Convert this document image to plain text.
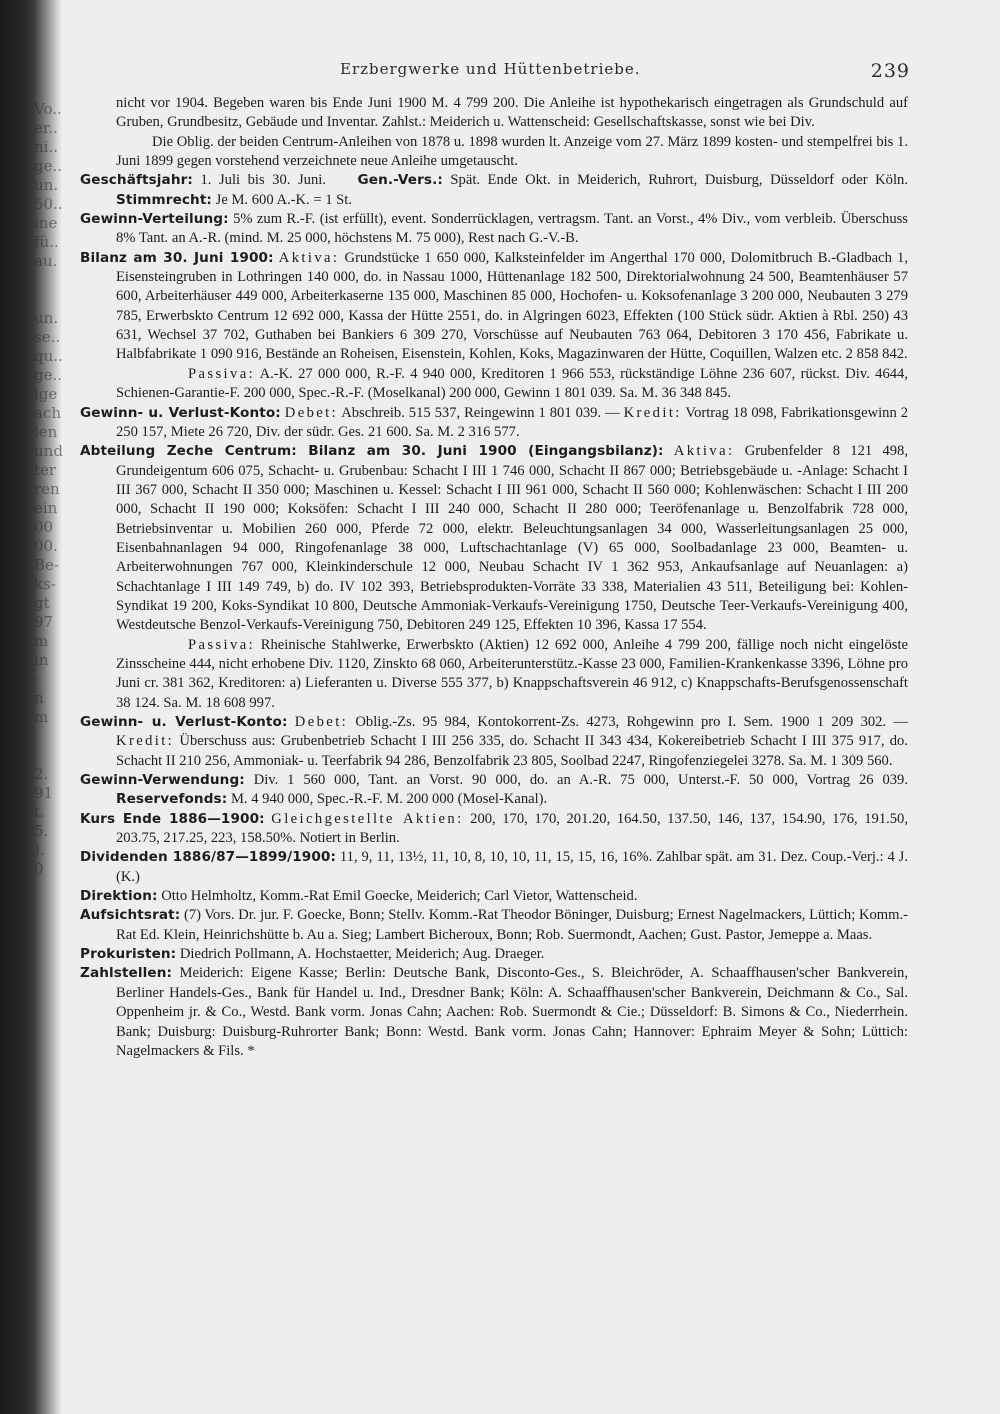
Vo..
er..
ni..
ge..
un.
50..
ine
fü..
au.
un.
se..
qu..
ge..
ige
ach
len
und
ter
ren
ein
00
00.
Be-
ks-
gt
97
m
in
-
n
m
2.
91
t.
5.
).
0
Erzbergwerke und Hüttenbetriebe.	239

nicht vor 1904. Begeben waren bis Ende Juni 1900 M. 4 799 200. Die Anleihe ist hypothekarisch eingetragen als Grundschuld auf Gruben, Grundbesitz, Gebäude und Inventar. Zahlst.: Meiderich u. Wattenscheid: Gesellschaftskasse, sonst wie bei Div.

Die Oblig. der beiden Centrum-Anleihen von 1878 u. 1898 wurden lt. Anzeige vom 27. März 1899 kosten- und stempelfrei bis 1. Juni 1899 gegen vorstehend verzeichnete neue Anleihe umgetauscht.

Geschäftsjahr: 1. Juli bis 30. Juni. Gen.-Vers.: Spät. Ende Okt. in Meiderich, Ruhrort, Duisburg, Düsseldorf oder Köln. Stimmrecht: Je M. 600 A.-K. = 1 St.

Gewinn-Verteilung: 5% zum R.-F. (ist erfüllt), event. Sonderrücklagen, vertragsm. Tant. an Vorst., 4% Div., vom verbleib. Überschuss 8% Tant. an A.-R. (mind. M. 25 000, höchstens M. 75 000), Rest nach G.-V.-B.

Bilanz am 30. Juni 1900: Aktiva: Grundstücke 1 650 000, Kalksteinfelder im Angerthal 170 000, Dolomitbruch B.-Gladbach 1, Eisensteingruben in Lothringen 140 000, do. in Nassau 1000, Hüttenanlage 182 500, Direktorialwohnung 24 500, Beamtenhäuser 57 600, Arbeiterhäuser 449 000, Arbeiterkaserne 135 000, Maschinen 85 000, Hochofen- u. Koksofenanlage 3 200 000, Neubauten 3 279 785, Erwerbskto Centrum 12 692 000, Kassa der Hütte 2551, do. in Algringen 6023, Effekten (100 Stück südr. Aktien à Rbl. 250) 43 631, Wechsel 37 702, Guthaben bei Bankiers 6 309 270, Vorschüsse auf Neubauten 763 064, Debitoren 3 170 456, Fabrikate u. Halbfabrikate 1 090 916, Bestände an Roheisen, Eisenstein, Kohlen, Koks, Magazinwaren der Hütte, Coquillen, Walzen etc. 2 858 842.

Passiva: A.-K. 27 000 000, R.-F. 4 940 000, Kreditoren 1 966 553, rückständige Löhne 236 607, rückst. Div. 4644, Schienen-Garantie-F. 200 000, Spec.-R.-F. (Moselkanal) 200 000, Gewinn 1 801 039. Sa. M. 36 348 845.

Gewinn- u. Verlust-Konto: Debet: Abschreib. 515 537, Reingewinn 1 801 039. — Kredit: Vortrag 18 098, Fabrikationsgewinn 2 250 157, Miete 26 720, Div. der südr. Ges. 21 600. Sa. M. 2 316 577.

Abteilung Zeche Centrum: Bilanz am 30. Juni 1900 (Eingangsbilanz): Aktiva: Grubenfelder 8 121 498, Grundeigentum 606 075, Schacht- u. Grubenbau: Schacht I III 1 746 000, Schacht II 867 000; Betriebsgebäude u. -Anlage: Schacht I III 367 000, Schacht II 350 000; Maschinen u. Kessel: Schacht I III 961 000, Schacht II 560 000; Kohlenwäschen: Schacht I III 200 000, Schacht II 190 000; Koksöfen: Schacht I III 240 000, Schacht II 280 000; Teeröfenanlage u. Benzolfabrik 728 000, Betriebsinventar u. Mobilien 260 000, Pferde 72 000, elektr. Beleuchtungsanlagen 34 000, Wasserleitungsanlagen 25 000, Eisenbahnanlagen 94 000, Ringofenanlage 38 000, Luftschachtanlage (V) 65 000, Soolbadanlage 23 000, Beamten- u. Arbeiterwohnungen 767 000, Kleinkinderschule 12 000, Neubau Schacht IV 1 362 953, Ankaufsanlage auf Neuanlagen: a) Schachtanlage I III 149 749, b) do. IV 102 393, Betriebsprodukten-Vorräte 33 338, Materialien 43 511, Beteiligung bei: Kohlen-Syndikat 19 200, Koks-Syndikat 10 800, Deutsche Ammoniak-Verkaufs-Vereinigung 1750, Deutsche Teer-Verkaufs-Vereinigung 400, Westdeutsche Benzol-Verkaufs-Vereinigung 750, Debitoren 249 125, Effekten 10 396, Kassa 17 554.

Passiva: Rheinische Stahlwerke, Erwerbskto (Aktien) 12 692 000, Anleihe 4 799 200, fällige noch nicht eingelöste Zinsscheine 444, nicht erhobene Div. 1120, Zinskto 68 060, Arbeiterunterstütz.-Kasse 23 000, Familien-Krankenkasse 3396, Löhne pro Juni cr. 381 362, Kreditoren: a) Lieferanten u. Diverse 555 377, b) Knappschaftsverein 46 912, c) Knappschafts-Berufsgenossenschaft 38 124. Sa. M. 18 608 997.

Gewinn- u. Verlust-Konto: Debet: Oblig.-Zs. 95 984, Kontokorrent-Zs. 4273, Rohgewinn pro I. Sem. 1900 1 209 302. — Kredit: Überschuss aus: Grubenbetrieb Schacht I III 256 335, do. Schacht II 343 434, Kokereibetrieb Schacht I III 375 917, do. Schacht II 210 256, Ammoniak- u. Teerfabrik 94 286, Benzolfabrik 23 805, Soolbad 2247, Ringofenziegelei 3278. Sa. M. 1 309 560.

Gewinn-Verwendung: Div. 1 560 000, Tant. an Vorst. 90 000, do. an A.-R. 75 000, Unterst.-F. 50 000, Vortrag 26 039. Reservefonds: M. 4 940 000, Spec.-R.-F. M. 200 000 (Mosel-Kanal).

Kurs Ende 1886—1900: Gleichgestellte Aktien: 200, 170, 170, 201.20, 164.50, 137.50, 146, 137, 154.90, 176, 191.50, 203.75, 217.25, 223, 158.50%. Notiert in Berlin.

Dividenden 1886/87—1899/1900: 11, 9, 11, 13½, 11, 10, 8, 10, 10, 11, 15, 15, 16, 16%. Zahlbar spät. am 31. Dez. Coup.-Verj.: 4 J. (K.)

Direktion: Otto Helmholtz, Komm.-Rat Emil Goecke, Meiderich; Carl Vietor, Wattenscheid.

Aufsichtsrat: (7) Vors. Dr. jur. F. Goecke, Bonn; Stellv. Komm.-Rat Theodor Böninger, Duisburg; Ernest Nagelmackers, Lüttich; Komm.-Rat Ed. Klein, Heinrichshütte b. Au a. Sieg; Lambert Bicheroux, Bonn; Rob. Suermondt, Aachen; Gust. Pastor, Jemeppe a. Maas.

Prokuristen: Diedrich Pollmann, A. Hochstaetter, Meiderich; Aug. Draeger.

Zahlstellen: Meiderich: Eigene Kasse; Berlin: Deutsche Bank, Disconto-Ges., S. Bleichröder, A. Schaaffhausen'scher Bankverein, Berliner Handels-Ges., Bank für Handel u. Ind., Dresdner Bank; Köln: A. Schaaffhausen'scher Bankverein, Deichmann & Co., Sal. Oppenheim jr. & Co., Westd. Bank vorm. Jonas Cahn; Aachen: Rob. Suermondt & Cie.; Düsseldorf: B. Simons & Co., Niederrhein. Bank; Duisburg: Duisburg-Ruhrorter Bank; Bonn: Westd. Bank vorm. Jonas Cahn; Hannover: Ephraim Meyer & Sohn; Lüttich: Nagelmackers & Fils. *
